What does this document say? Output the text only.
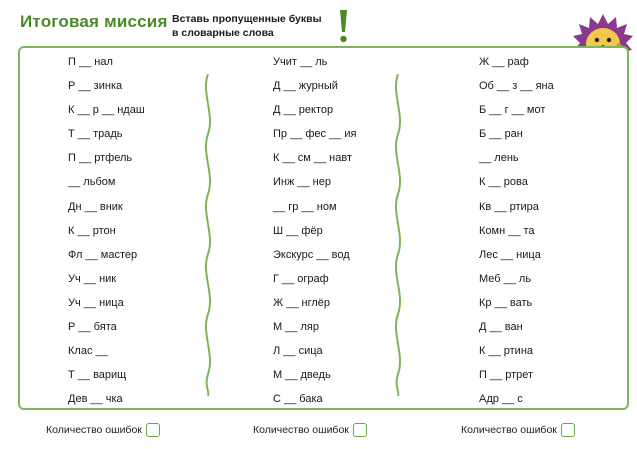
Итоговая миссия Вставь пропущенные буквы
в словарные слова
П __ нал
Р __ зинка
К __ р __ ндаш
Т __ традь
П __ ртфель
__ льбом
Дн __ вник
К __ ртон
Фл __ мастер
Уч __ ник
Уч __ ница
Р __ бята
Клас __
Т __ варищ
Дев __ чка
Учит __ ль
Д __ журный
Д __ ректор
Пр __ фес __ ия
К __ см __ навт
Инж __ нер
__ гр __ ном
Ш __ фёр
Экскурс __ вод
Г __ ограф
Ж __ нглёр
М __ ляр
Л __ сица
М __ дведь
С __ бака
Ж __ раф
Об __ з __ яна
Б __ г __ мот
Б __ ран
__ лень
К __ рова
Кв __ ртира
Комн __ та
Лес __ ница
Меб __ ль
Кр __ вать
Д __ ван
К __ ртина
П __ ртрет
Адр __ с
Количество ошибок	Количество ошибок	Количество ошибок
